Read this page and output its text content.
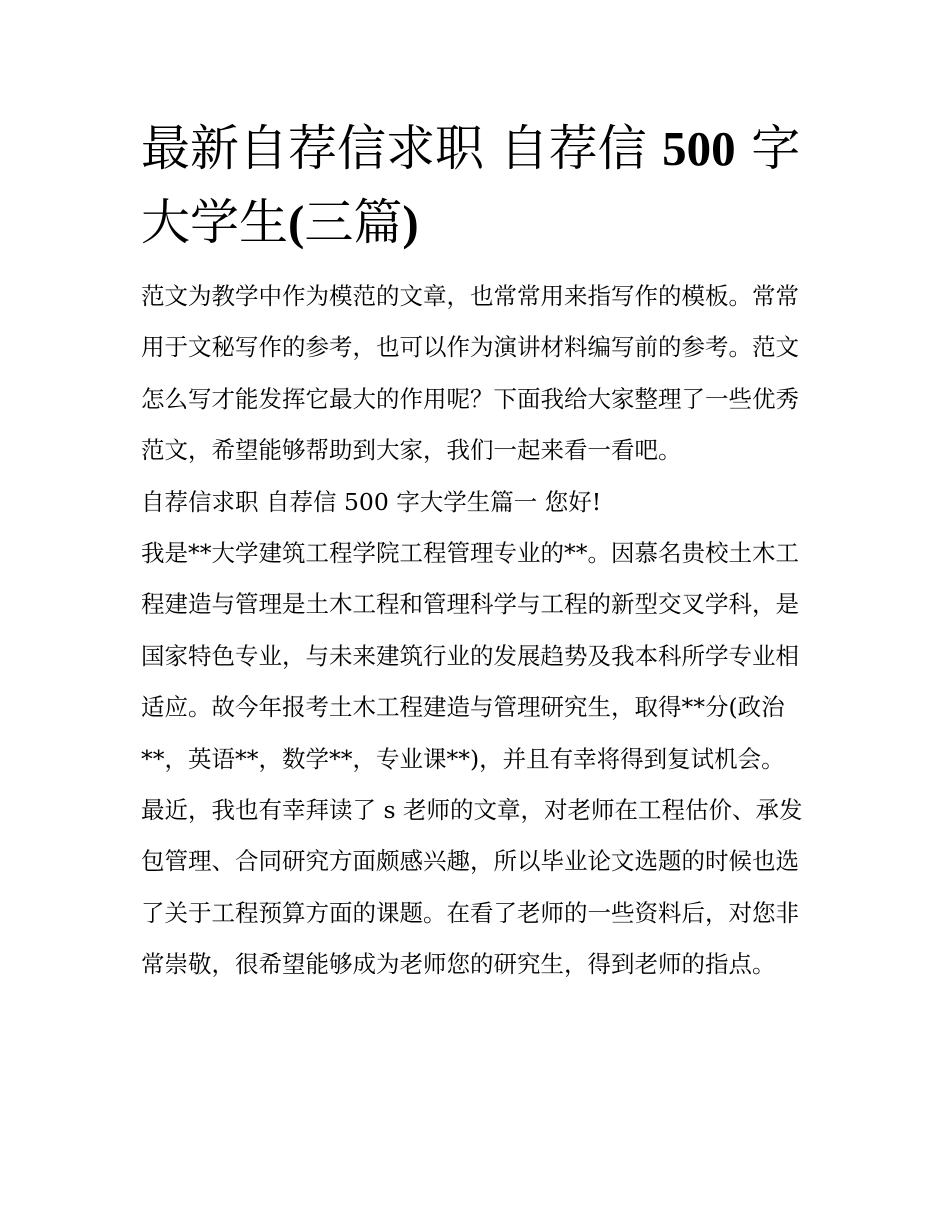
最新自荐信求职 自荐信 500 字大学生(三篇)

范文为教学中作为模范的文章，也常常用来指写作的模板。常常用于文秘写作的参考，也可以作为演讲材料编写前的参考。范文怎么写才能发挥它最大的作用呢？下面我给大家整理了一些优秀范文，希望能够帮助到大家，我们一起来看一看吧。

自荐信求职 自荐信 500 字大学生篇一 您好!

我是**大学建筑工程学院工程管理专业的**。因慕名贵校土木工程建造与管理是土木工程和管理科学与工程的新型交叉学科，是国家特色专业，与未来建筑行业的发展趋势及我本科所学专业相适应。故今年报考土木工程建造与管理研究生，取得**分(政治**，英语**，数学**，专业课**)，并且有幸将得到复试机会。

最近，我也有幸拜读了 s 老师的文章，对老师在工程估价、承发包管理、合同研究方面颇感兴趣，所以毕业论文选题的时候也选了关于工程预算方面的课题。在看了老师的一些资料后，对您非常崇敬，很希望能够成为老师您的研究生，得到老师的指点。
